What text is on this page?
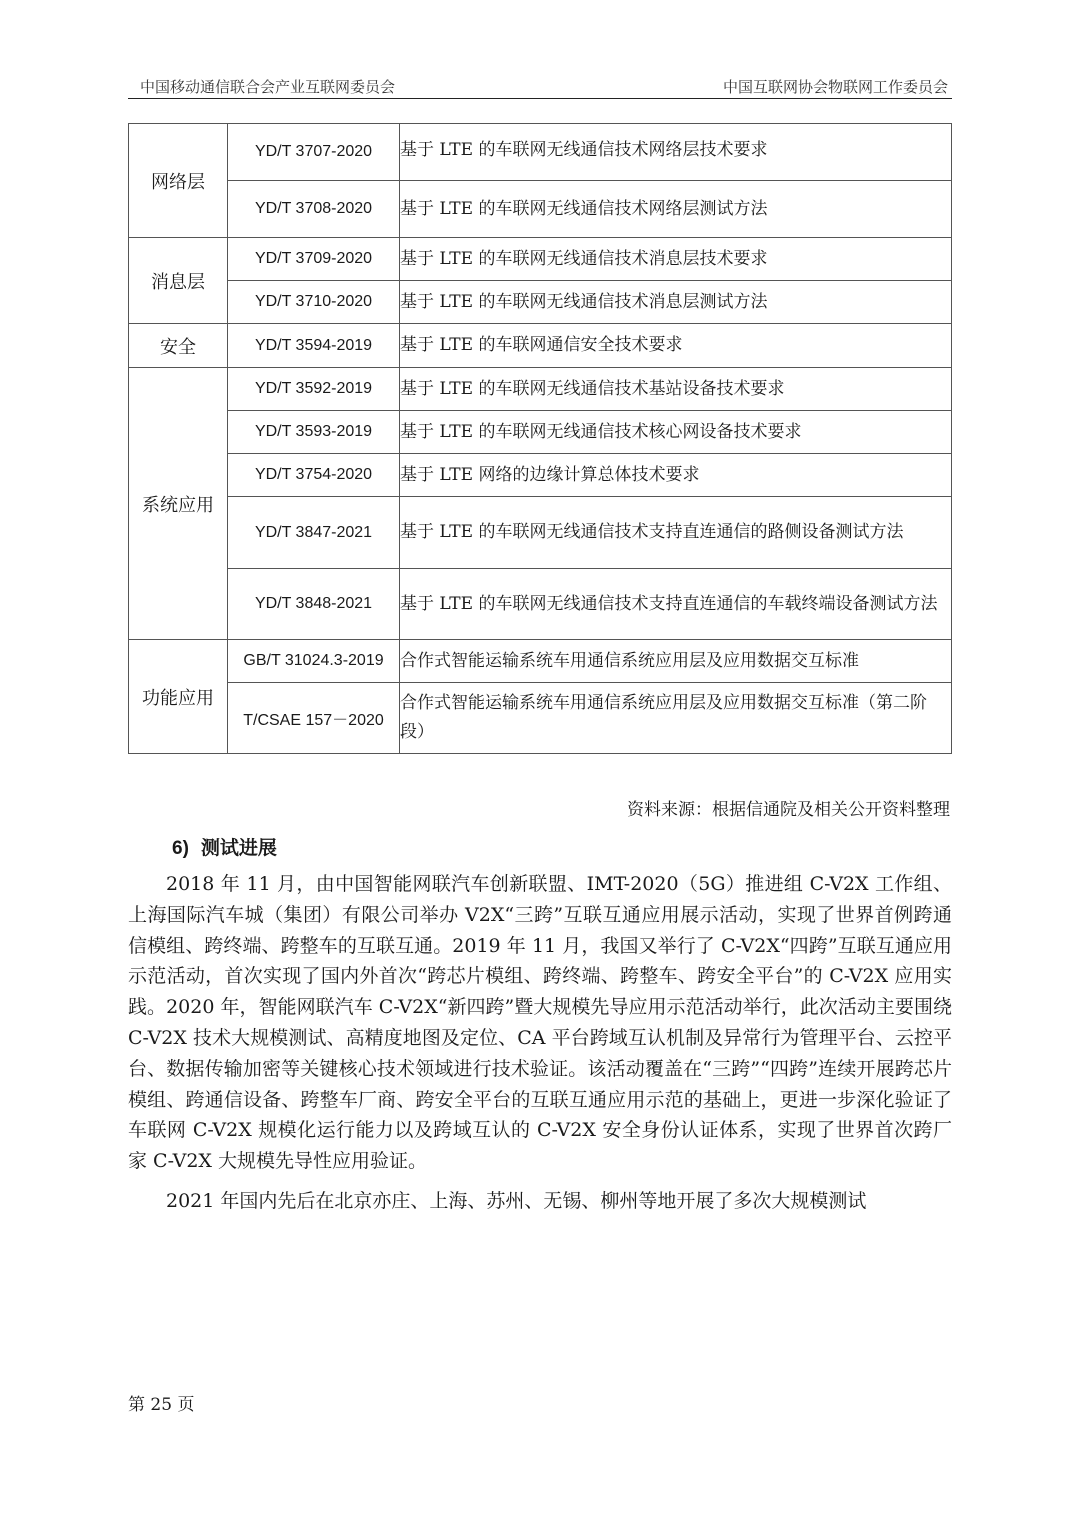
中国移动通信联合会产业互联网委员会	中国互联网协会物联网工作委员会
网络层	YD/T 3707-2020	基于 LTE 的车联网无线通信技术网络层技术要求
	YD/T 3708-2020	基于 LTE 的车联网无线通信技术网络层测试方法
消息层	YD/T 3709-2020	基于 LTE 的车联网无线通信技术消息层技术要求
	YD/T 3710-2020	基于 LTE 的车联网无线通信技术消息层测试方法
安全	YD/T 3594-2019	基于 LTE 的车联网通信安全技术要求
系统应用	YD/T 3592-2019	基于 LTE 的车联网无线通信技术基站设备技术要求
	YD/T 3593-2019	基于 LTE 的车联网无线通信技术核心网设备技术要求
	YD/T 3754-2020	基于 LTE 网络的边缘计算总体技术要求
	YD/T 3847-2021	基于 LTE 的车联网无线通信技术支持直连通信的路侧设备测试方法
	YD/T 3848-2021	基于 LTE 的车联网无线通信技术支持直连通信的车载终端设备测试方法
功能应用	GB/T 31024.3-2019	合作式智能运输系统车用通信系统应用层及应用数据交互标准
	T/CSAE 157－2020	合作式智能运输系统车用通信系统应用层及应用数据交互标准（第二阶段）
资料来源：根据信通院及相关公开资料整理
6) 测试进展

2018 年 11 月，由中国智能网联汽车创新联盟、IMT-2020（5G）推进组 C-V2X 工作组、上海国际汽车城（集团）有限公司举办 V2X“三跨”互联互通应用展示活动，实现了世界首例跨通信模组、跨终端、跨整车的互联互通。2019 年 11 月，我国又举行了 C-V2X“四跨”互联互通应用示范活动，首次实现了国内外首次“跨芯片模组、跨终端、跨整车、跨安全平台”的 C-V2X 应用实践。2020 年，智能网联汽车 C-V2X“新四跨”暨大规模先导应用示范活动举行，此次活动主要围绕 C-V2X 技术大规模测试、高精度地图及定位、CA 平台跨域互认机制及异常行为管理平台、云控平台、数据传输加密等关键核心技术领域进行技术验证。该活动覆盖在“三跨”“四跨”连续开展跨芯片模组、跨通信设备、跨整车厂商、跨安全平台的互联互通应用示范的基础上，更进一步深化验证了车联网 C-V2X 规模化运行能力以及跨域互认的 C-V2X 安全身份认证体系，实现了世界首次跨厂家 C-V2X 大规模先导性应用验证。

2021 年国内先后在北京亦庄、上海、苏州、无锡、柳州等地开展了多次大规模测试

第 25 页
